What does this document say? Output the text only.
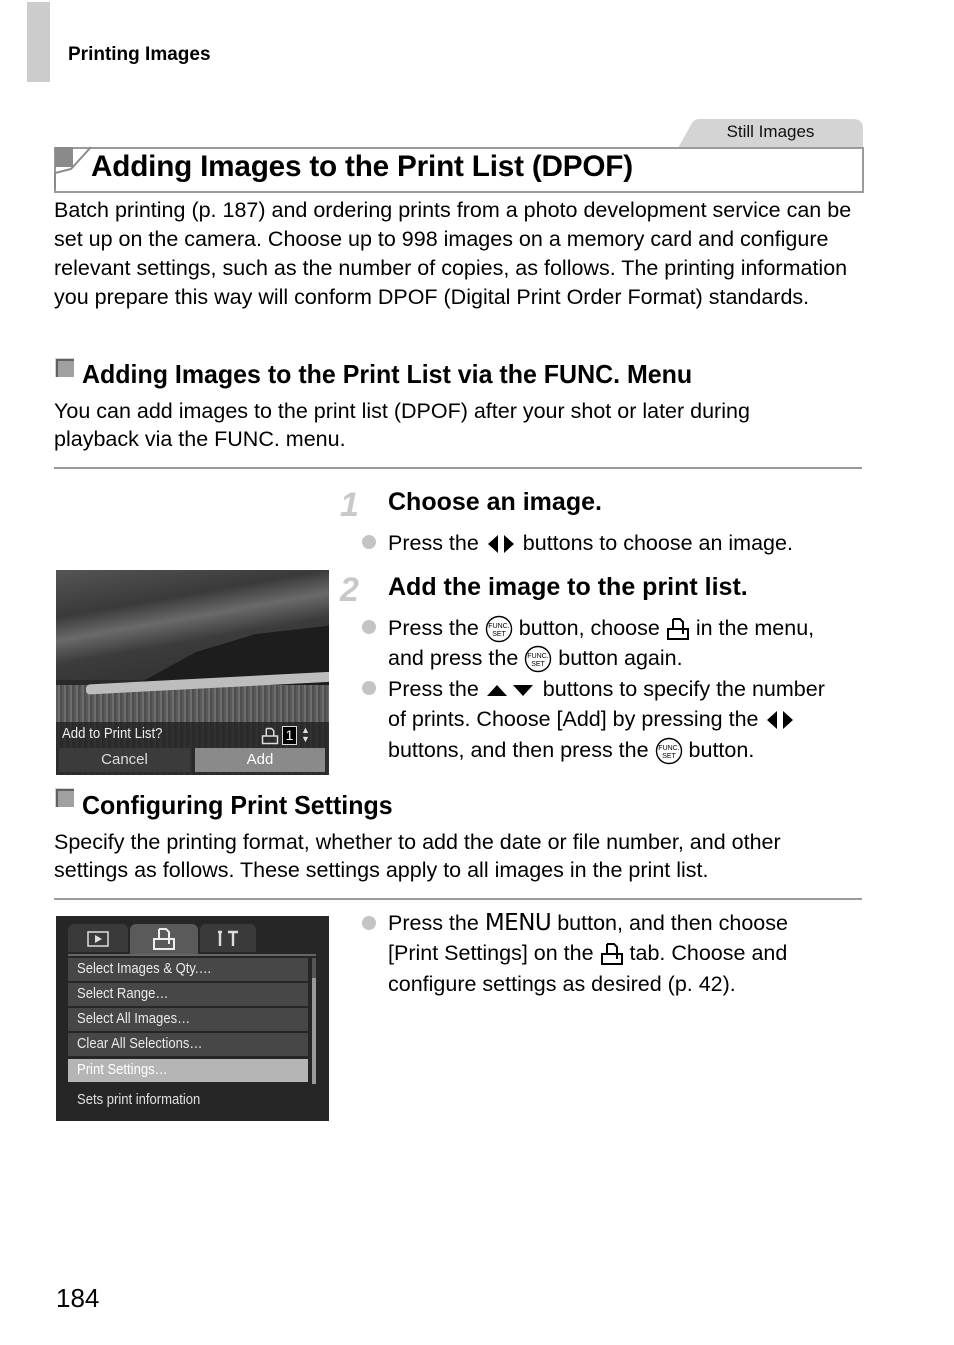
Printing Images
Still Images
Adding Images to the Print List (DPOF)
Batch printing (p. 187) and ordering prints from a photo development service can be set up on the camera. Choose up to 998 images on a memory card and configure relevant settings, such as the number of copies, as follows. The printing information you prepare this way will conform DPOF (Digital Print Order Format) standards.
Adding Images to the Print List via the FUNC. Menu
You can add images to the print list (DPOF) after your shot or later during
playback via the FUNC. menu.
1 Choose an image.
Press the buttons to choose an image.
2 Add the image to the print list.
Press the FUNC.
SET button, choose in the menu,
and press the FUNC.
SET button again.
Press the	buttons to specify the number
of prints. Choose [Add] by pressing the
buttons, and then press the FUNC.
SET button.
Add to Print List?	1 ▲
▼
Cancel	Add
Configuring Print Settings
Specify the printing format, whether to add the date or file number, and other
settings as follows. These settings apply to all images in the print list.
Press the MENU button, and then choose
[Print Settings] on the tab. Choose and
configure settings as desired (p. 42).
Select Images & Qty.…
Select Range…
Select All Images…
Clear All Selections…
Print Settings…
Sets print information
184
